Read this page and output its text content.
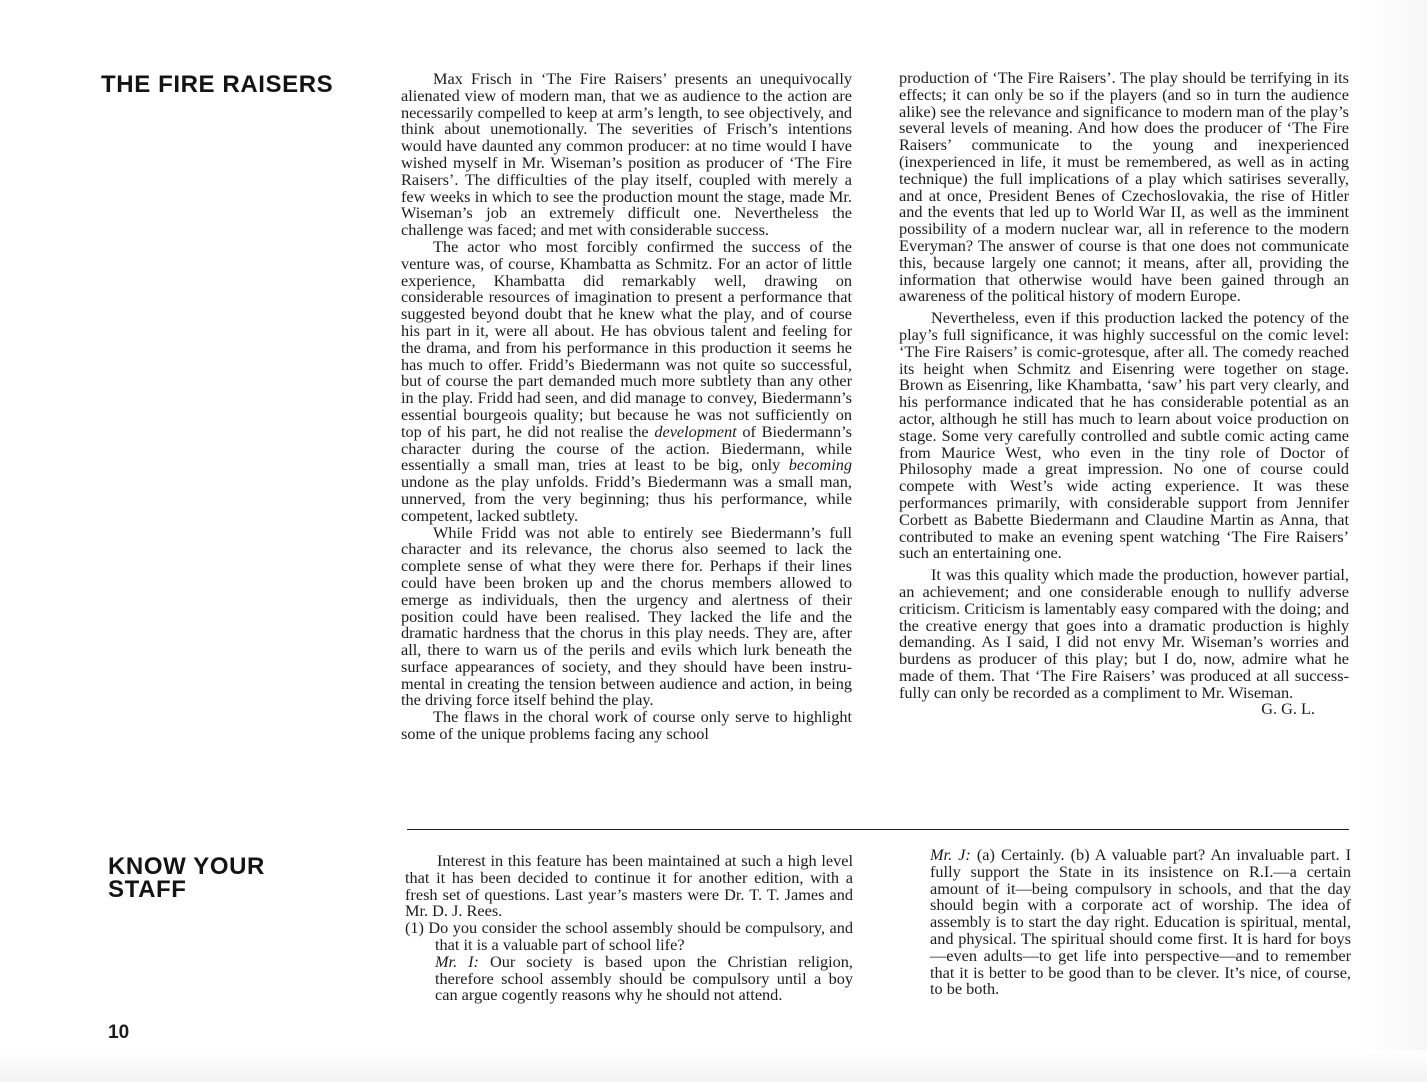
THE FIRE RAISERS	Max Frisch in ‘The Fire Raisers’ presents an unequivocally alienated view of modern man, that we as audience to the action are necessarily compelled to keep at arm’s length, to see objectively, and think about unemotionally. The severities of Frisch’s intentions would have daunted any common producer: at no time would I have wished myself in Mr. Wiseman’s position as producer of ‘The Fire Raisers’. The difficulties of the play itself, coupled with merely a few weeks in which to see the production mount the stage, made Mr. Wiseman’s job an extremely difficult one. Nevertheless the challenge was faced; and met with considerable success.

The actor who most forcibly confirmed the success of the venture was, of course, Khambatta as Schmitz. For an actor of little experience, Khambatta did remarkably well, drawing on considerable resources of imagination to present a performance that suggested beyond doubt that he knew what the play, and of course his part in it, were all about. He has obvious talent and feeling for the drama, and from his performance in this production it seems he has much to offer. Fridd’s Biedermann was not quite so successful, but of course the part demanded much more subtlety than any other in the play. Fridd had seen, and did manage to convey, Biedermann’s essential bourgeois quality; but because he was not sufficiently on top of his part, he did not realise the development of Biedermann’s character during the course of the action. Biedermann, while essentially a small man, tries at least to be big, only becoming undone as the play unfolds. Fridd’s Biedermann was a small man, unnerved, from the very beginning; thus his performance, while competent, lacked subtlety.

While Fridd was not able to entirely see Biedermann’s full character and its relevance, the chorus also seemed to lack the complete sense of what they were there for. Perhaps if their lines could have been broken up and the chorus members allowed to emerge as individuals, then the urgency and alertness of their position could have been realised. They lacked the life and the dramatic hardness that the chorus in this play needs. They are, after all, there to warn us of the perils and evils which lurk beneath the surface appearances of society, and they should have been instrumental in creating the tension between audience and action, in being the driving force itself behind the play.

The flaws in the choral work of course only serve to highlight some of the unique problems facing any school

production of ‘The Fire Raisers’. The play should be terrifying in its effects; it can only be so if the players (and so in turn the audience alike) see the relevance and significance to modern man of the play’s several levels of meaning. And how does the producer of ‘The Fire Raisers’ communicate to the young and inexperienced (inexperienced in life, it must be remembered, as well as in acting technique) the full implications of a play which satirises severally, and at once, President Benes of Czechoslovakia, the rise of Hitler and the events that led up to World War II, as well as the imminent possibility of a modern nuclear war, all in reference to the modern Everyman? The answer of course is that one does not communicate this, because largely one cannot; it means, after all, providing the information that otherwise would have been gained through an awareness of the political history of modern Europe.

Nevertheless, even if this production lacked the potency of the play’s full significance, it was highly successful on the comic level: ‘The Fire Raisers’ is comic-grotesque, after all. The comedy reached its height when Schmitz and Eisenring were together on stage. Brown as Eisenring, like Khambatta, ‘saw’ his part very clearly, and his performance indicated that he has considerable potential as an actor, although he still has much to learn about voice production on stage. Some very carefully controlled and subtle comic acting came from Maurice West, who even in the tiny role of Doctor of Philosophy made a great impression. No one of course could compete with West’s wide acting experience. It was these performances primarily, with considerable support from Jennifer Corbett as Babette Biedermann and Claudine Martin as Anna, that contributed to make an evening spent watching ‘The Fire Raisers’ such an entertaining one.

It was this quality which made the production, however partial, an achievement; and one considerable enough to nullify adverse criticism. Criticism is lamentably easy compared with the doing; and the creative energy that goes into a dramatic production is highly demanding. As I said, I did not envy Mr. Wiseman’s worries and burdens as producer of this play; but I do, now, admire what he made of them. That ‘The Fire Raisers’ was produced at all successfully can only be recorded as a compliment to Mr. Wiseman.

G. G. L.
KNOW YOUR
STAFF

Interest in this feature has been maintained at such a high level that it has been decided to continue it for another edition, with a fresh set of questions. Last year’s masters were Dr. T. T. James and Mr. D. J. Rees.

(1) Do you consider the school assembly should be compulsory, and that it is a valuable part of school life?

Mr. I: Our society is based upon the Christian religion, therefore school assembly should be compulsory until a boy can argue cogently reasons why he should not attend.

Mr. J: (a) Certainly. (b) A valuable part? An invaluable part. I fully support the State in its insistence on R.I.—a certain amount of it—being compulsory in schools, and that the day should begin with a corporate act of worship. The idea of assembly is to start the day right. Education is spiritual, mental, and physical. The spiritual should come first. It is hard for boys—even adults—to get life into perspective—and to remember that it is better to be good than to be clever. It’s nice, of course, to be both.

10
